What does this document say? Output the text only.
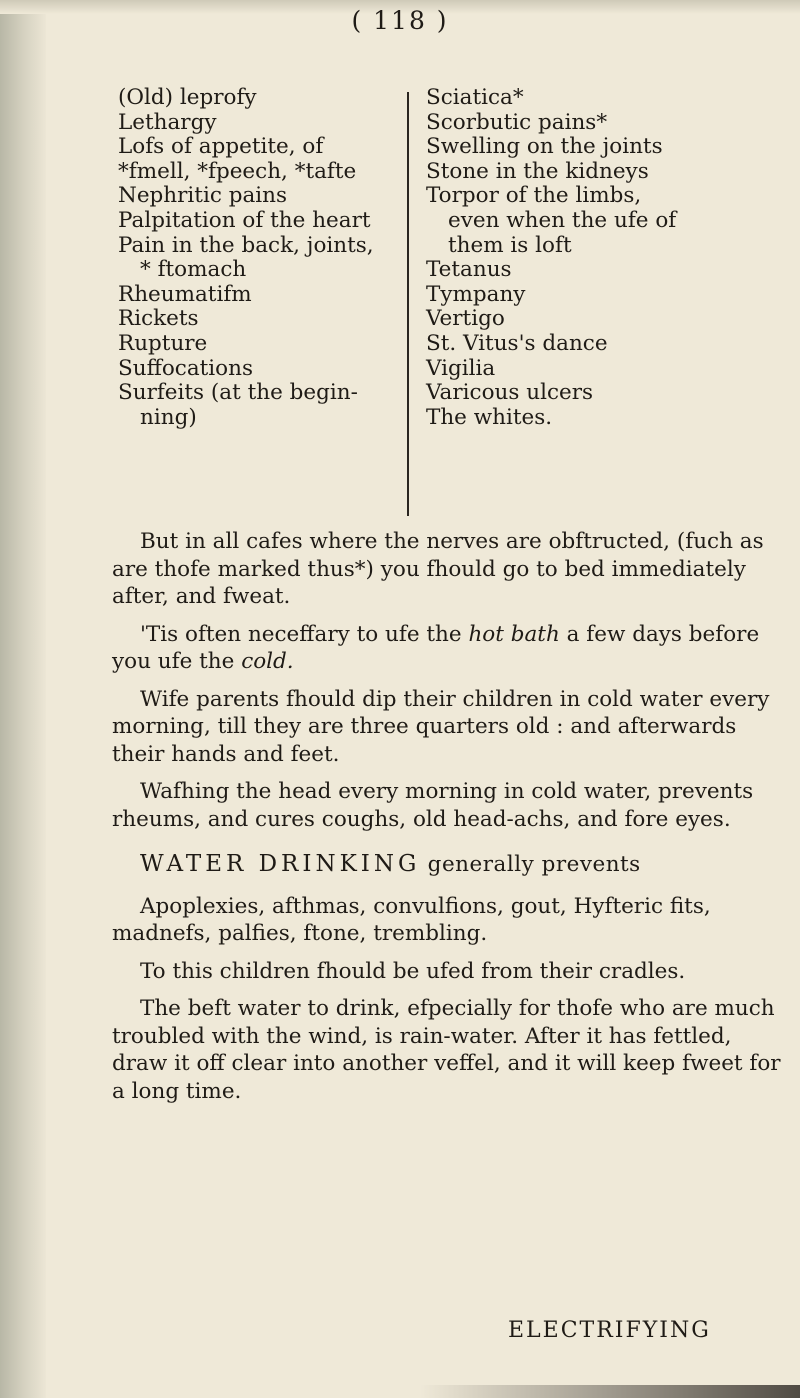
( 118 )
(Old) leprofy
Lethargy
Lofs of appetite, of
*fmell, *fpeech, *tafte
Nephritic pains
Palpitation of the heart
Pain in the back, joints,
* ftomach
Rheumatifm
Rickets
Rupture
Suffocations
Surfeits (at the begin-
ning)
Sciatica*
Scorbutic pains*
Swelling on the joints
Stone in the kidneys
Torpor of the limbs,
even when the ufe of
them is loft
Tetanus
Tympany
Vertigo
St. Vitus's dance
Vigilia
Varicous ulcers
The whites.

But in all cafes where the nerves are obftructed, (fuch as are thofe marked thus*) you fhould go to bed immediately after, and fweat.

'Tis often neceffary to ufe the hot bath a few days before you ufe the cold.

Wife parents fhould dip their children in cold water every morning, till they are three quarters old : and afterwards their hands and feet.

Wafhing the head every morning in cold water, prevents rheums, and cures coughs, old head-achs, and fore eyes.

WATER DRINKING generally prevents

Apoplexies, afthmas, convulfions, gout, Hyfteric fits, madnefs, palfies, ftone, trembling.

To this children fhould be ufed from their cradles.

The beft water to drink, efpecially for thofe who are much troubled with the wind, is rain-water. After it has fettled, draw it off clear into another veffel, and it will keep fweet for a long time.

ELECTRIFYING
